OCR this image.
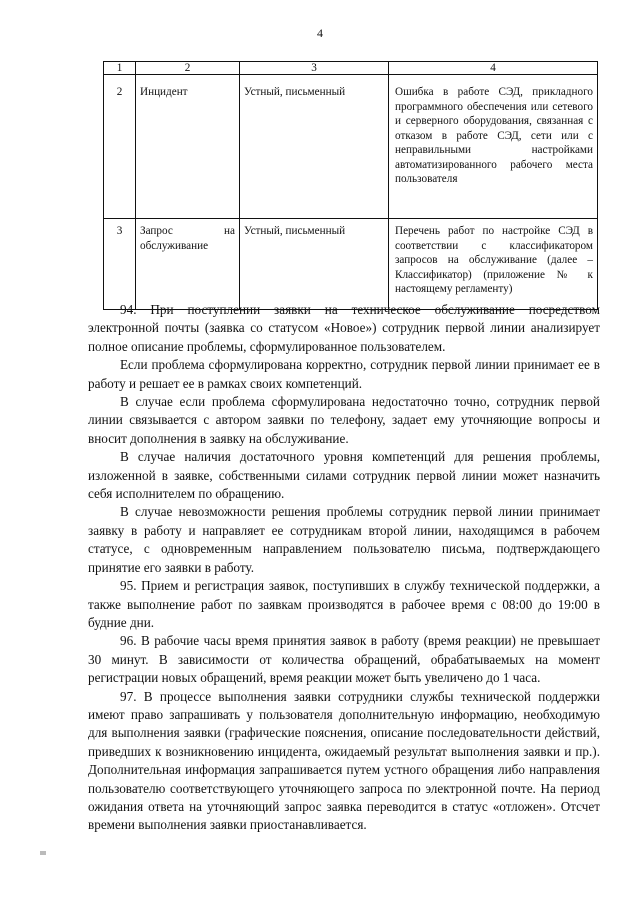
4
1	2	3	4
2	Инцидент	Устный, письменный	Ошибка в работе СЭД, прикладного программного обеспечения или сетевого и серверного оборудования, связанная с отказом в работе СЭД, сети или с неправильными настройками автоматизированного рабочего места пользователя

3	Запрос на обслуживание	Устный, письменный	Перечень работ по настройке СЭД в соответствии с классификатором запросов на обслуживание (далее – Классификатор) (приложение № к настоящему регламенту)

94. При поступлении заявки на техническое обслуживание посредством электронной почты (заявка со статусом «Новое») сотрудник первой линии анализирует полное описание проблемы, сформулированное пользователем.

Если проблема сформулирована корректно, сотрудник первой линии принимает ее в работу и решает ее в рамках своих компетенций.

В случае если проблема сформулирована недостаточно точно, сотрудник первой линии связывается с автором заявки по телефону, задает ему уточняющие вопросы и вносит дополнения в заявку на обслуживание.

В случае наличия достаточного уровня компетенций для решения проблемы, изложенной в заявке, собственными силами сотрудник первой линии может назначить себя исполнителем по обращению.

В случае невозможности решения проблемы сотрудник первой линии принимает заявку в работу и направляет ее сотрудникам второй линии, находящимся в рабочем статусе, с одновременным направлением пользователю письма, подтверждающего принятие его заявки в работу.

95. Прием и регистрация заявок, поступивших в службу технической поддержки, а также выполнение работ по заявкам производятся в рабочее время с 08:00 до 19:00 в будние дни.

96. В рабочие часы время принятия заявок в работу (время реакции) не превышает 30 минут. В зависимости от количества обращений, обрабатываемых на момент регистрации новых обращений, время реакции может быть увеличено до 1 часа.

97. В процессе выполнения заявки сотрудники службы технической поддержки имеют право запрашивать у пользователя дополнительную информацию, необходимую для выполнения заявки (графические пояснения, описание последовательности действий, приведших к возникновению инцидента, ожидаемый результат выполнения заявки и пр.). Дополнительная информация запрашивается путем устного обращения либо направления пользователю соответствующего уточняющего запроса по электронной почте. На период ожидания ответа на уточняющий запрос заявка переводится в статус «отложен». Отсчет времени выполнения заявки приостанавливается.
